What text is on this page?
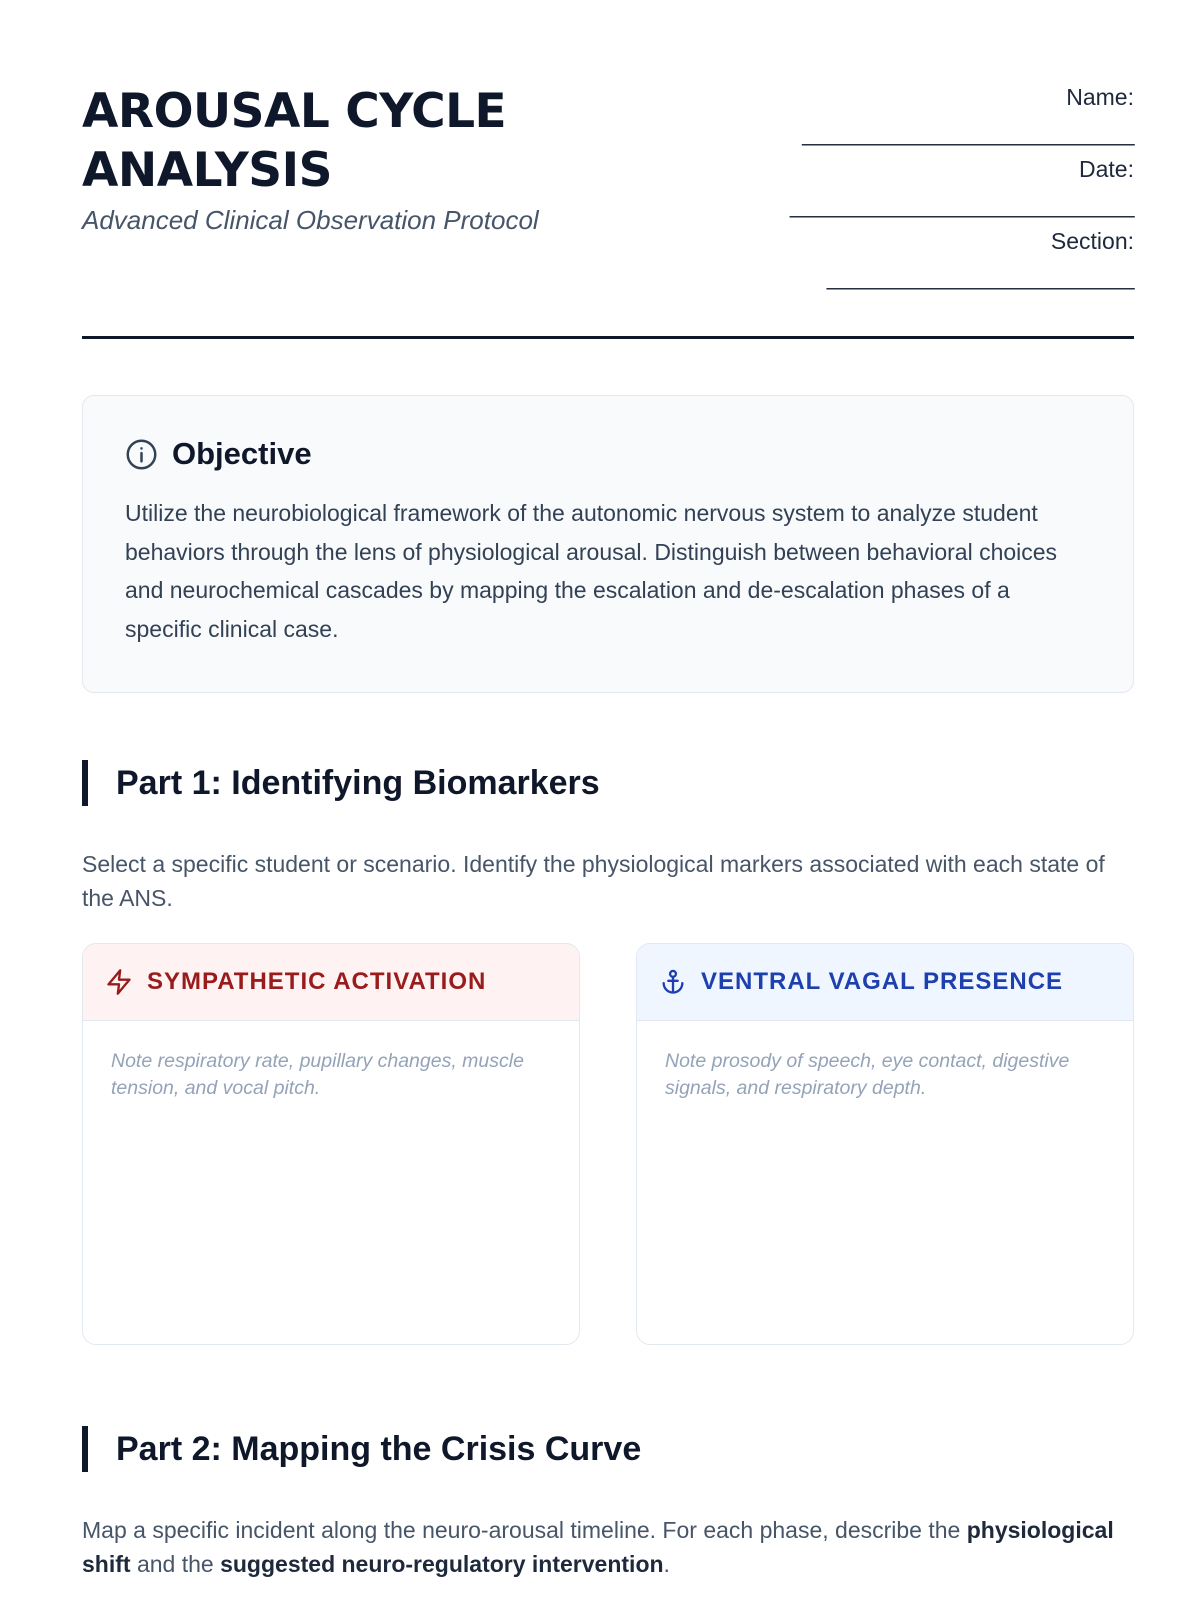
AROUSAL CYCLE ANALYSIS
Advanced Clinical Observation Protocol
Name:
___________________________
Date:
____________________________
Section:
_________________________
Objective

Utilize the neurobiological framework of the autonomic nervous system to analyze student behaviors through the lens of physiological arousal. Distinguish between behavioral choices and neurochemical cascades by mapping the escalation and de-escalation phases of a specific clinical case.

Part 1: Identifying Biomarkers

Select a specific student or scenario. Identify the physiological markers associated with each state of the ANS.

SYMPATHETIC ACTIVATION

Note respiratory rate, pupillary changes, muscle tension, and vocal pitch.

VENTRAL VAGAL PRESENCE

Note prosody of speech, eye contact, digestive signals, and respiratory depth.

Part 2: Mapping the Crisis Curve

Map a specific incident along the neuro-arousal timeline. For each phase, describe the physiological shift and the suggested neuro-regulatory intervention.
